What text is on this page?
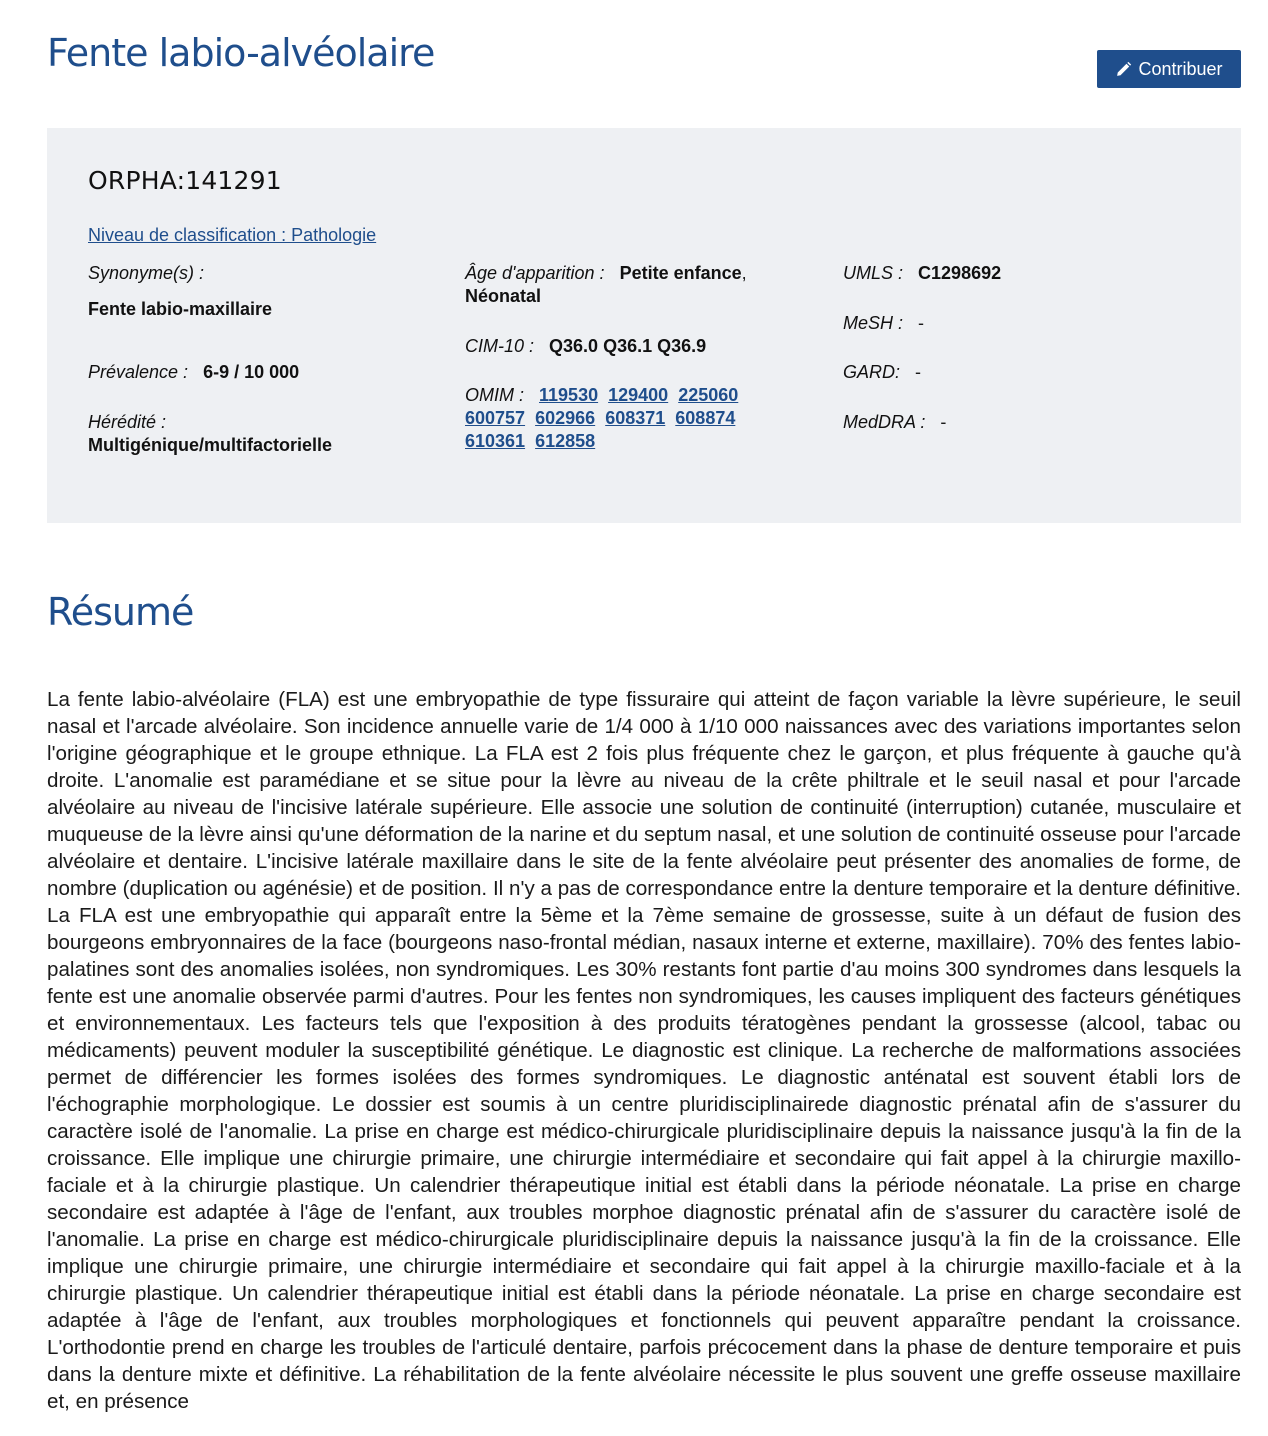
Fente labio-alvéolaire	Contribuer
ORPHA:141291
Niveau de classification : Pathologie
Synonyme(s) :
Fente labio-maxillaire
Prévalence : 6-9 / 10 000
Hérédité :
Multigénique/multifactorielle
Âge d'apparition : Petite enfance, Néonatal
CIM-10 : Q36.0 Q36.1 Q36.9
OMIM : 119530 129400 225060 600757 602966 608371 608874 610361 612858
UMLS : C1298692
MeSH : -
GARD: -
MedDRA : -
Résumé

La fente labio-alvéolaire (FLA) est une embryopathie de type fissuraire qui atteint de façon variable la lèvre supérieure, le seuil nasal et l'arcade alvéolaire. Son incidence annuelle varie de 1/4 000 à 1/10 000 naissances avec des variations importantes selon l'origine géographique et le groupe ethnique. La FLA est 2 fois plus fréquente chez le garçon, et plus fréquente à gauche qu'à droite. L'anomalie est paramédiane et se situe pour la lèvre au niveau de la crête philtrale et le seuil nasal et pour l'arcade alvéolaire au niveau de l'incisive latérale supérieure. Elle associe une solution de continuité (interruption) cutanée, musculaire et muqueuse de la lèvre ainsi qu'une déformation de la narine et du septum nasal, et une solution de continuité osseuse pour l'arcade alvéolaire et dentaire. L'incisive latérale maxillaire dans le site de la fente alvéolaire peut présenter des anomalies de forme, de nombre (duplication ou agénésie) et de position. Il n'y a pas de correspondance entre la denture temporaire et la denture définitive. La FLA est une embryopathie qui apparaît entre la 5ème et la 7ème semaine de grossesse, suite à un défaut de fusion des bourgeons embryonnaires de la face (bourgeons naso-frontal médian, nasaux interne et externe, maxillaire). 70% des fentes labio-palatines sont des anomalies isolées, non syndromiques. Les 30% restants font partie d'au moins 300 syndromes dans lesquels la fente est une anomalie observée parmi d'autres. Pour les fentes non syndromiques, les causes impliquent des facteurs génétiques et environnementaux. Les facteurs tels que l'exposition à des produits tératogènes pendant la grossesse (alcool, tabac ou médicaments) peuvent moduler la susceptibilité génétique. Le diagnostic est clinique. La recherche de malformations associées permet de différencier les formes isolées des formes syndromiques. Le diagnostic anténatal est souvent établi lors de l'échographie morphologique. Le dossier est soumis à un centre pluridisciplinairede diagnostic prénatal afin de s'assurer du caractère isolé de l'anomalie. La prise en charge est médico-chirurgicale pluridisciplinaire depuis la naissance jusqu'à la fin de la croissance. Elle implique une chirurgie primaire, une chirurgie intermédiaire et secondaire qui fait appel à la chirurgie maxillo-faciale et à la chirurgie plastique. Un calendrier thérapeutique initial est établi dans la période néonatale. La prise en charge secondaire est adaptée à l'âge de l'enfant, aux troubles morphoe diagnostic prénatal afin de s'assurer du caractère isolé de l'anomalie. La prise en charge est médico-chirurgicale pluridisciplinaire depuis la naissance jusqu'à la fin de la croissance. Elle implique une chirurgie primaire, une chirurgie intermédiaire et secondaire qui fait appel à la chirurgie maxillo-faciale et à la chirurgie plastique. Un calendrier thérapeutique initial est établi dans la période néonatale. La prise en charge secondaire est adaptée à l'âge de l'enfant, aux troubles morphologiques et fonctionnels qui peuvent apparaître pendant la croissance. L'orthodontie prend en charge les troubles de l'articulé dentaire, parfois précocement dans la phase de denture temporaire et puis dans la denture mixte et définitive. La réhabilitation de la fente alvéolaire nécessite le plus souvent une greffe osseuse maxillaire et, en présence
